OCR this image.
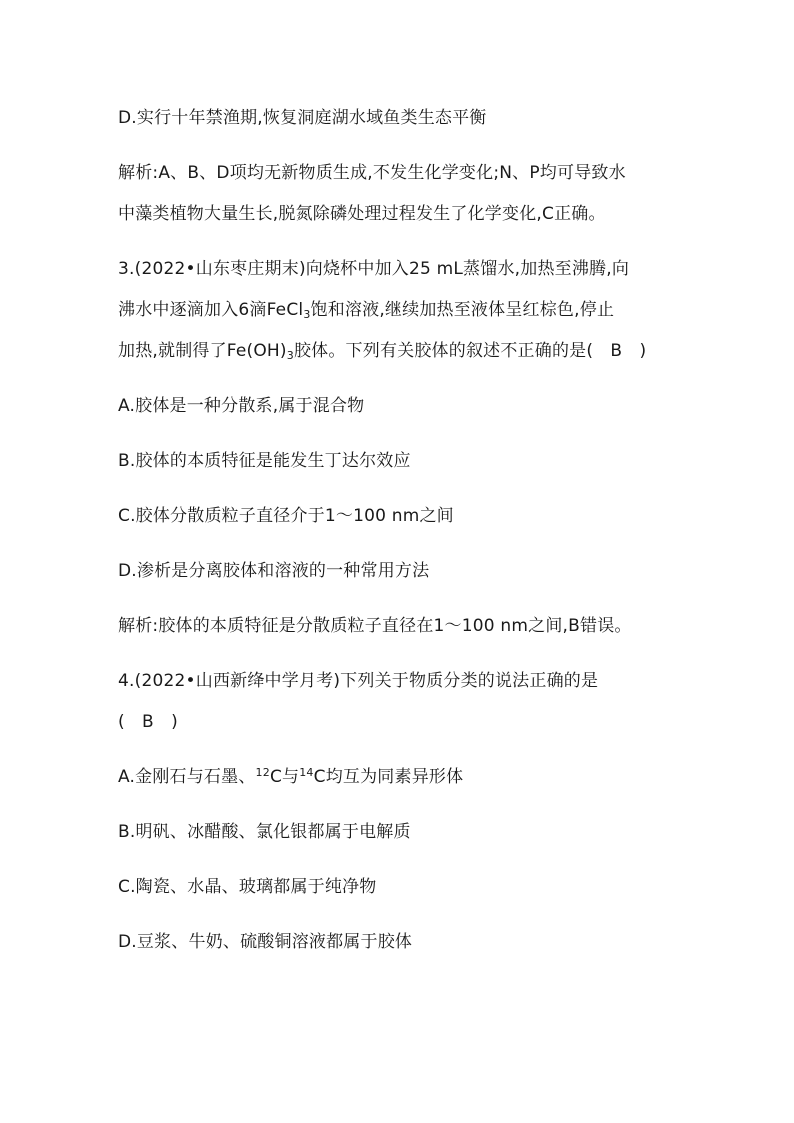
D.实行十年禁渔期,恢复洞庭湖水域鱼类生态平衡
解析:A、B、D项均无新物质生成,不发生化学变化;N、P均可导致水
中藻类植物大量生长,脱氮除磷处理过程发生了化学变化,C正确。
3.(2022•山东枣庄期末)向烧杯中加入25 mL蒸馏水,加热至沸腾,向
沸水中逐滴加入6滴FeCl$_3$饱和溶液,继续加热至液体呈红棕色,停止
加热,就制得了$Fe(OH)_3$胶体。下列有关胶体的叙述不正确的是(　B　)
A.胶体是一种分散系,属于混合物
B.胶体的本质特征是能发生丁达尔效应
C.胶体分散质粒子直径介于1～100 nm之间
D.渗析是分离胶体和溶液的一种常用方法
解析:胶体的本质特征是分散质粒子直径在1～100 nm之间,B错误。
4.(2022•山西新绛中学月考)下列关于物质分类的说法正确的是
(　B　)
A.金刚石与石墨、$^{12}$C与$^{14}$C均互为同素异形体
B.明矾、冰醋酸、氯化银都属于电解质
C.陶瓷、水晶、玻璃都属于纯净物
D.豆浆、牛奶、硫酸铜溶液都属于胶体
